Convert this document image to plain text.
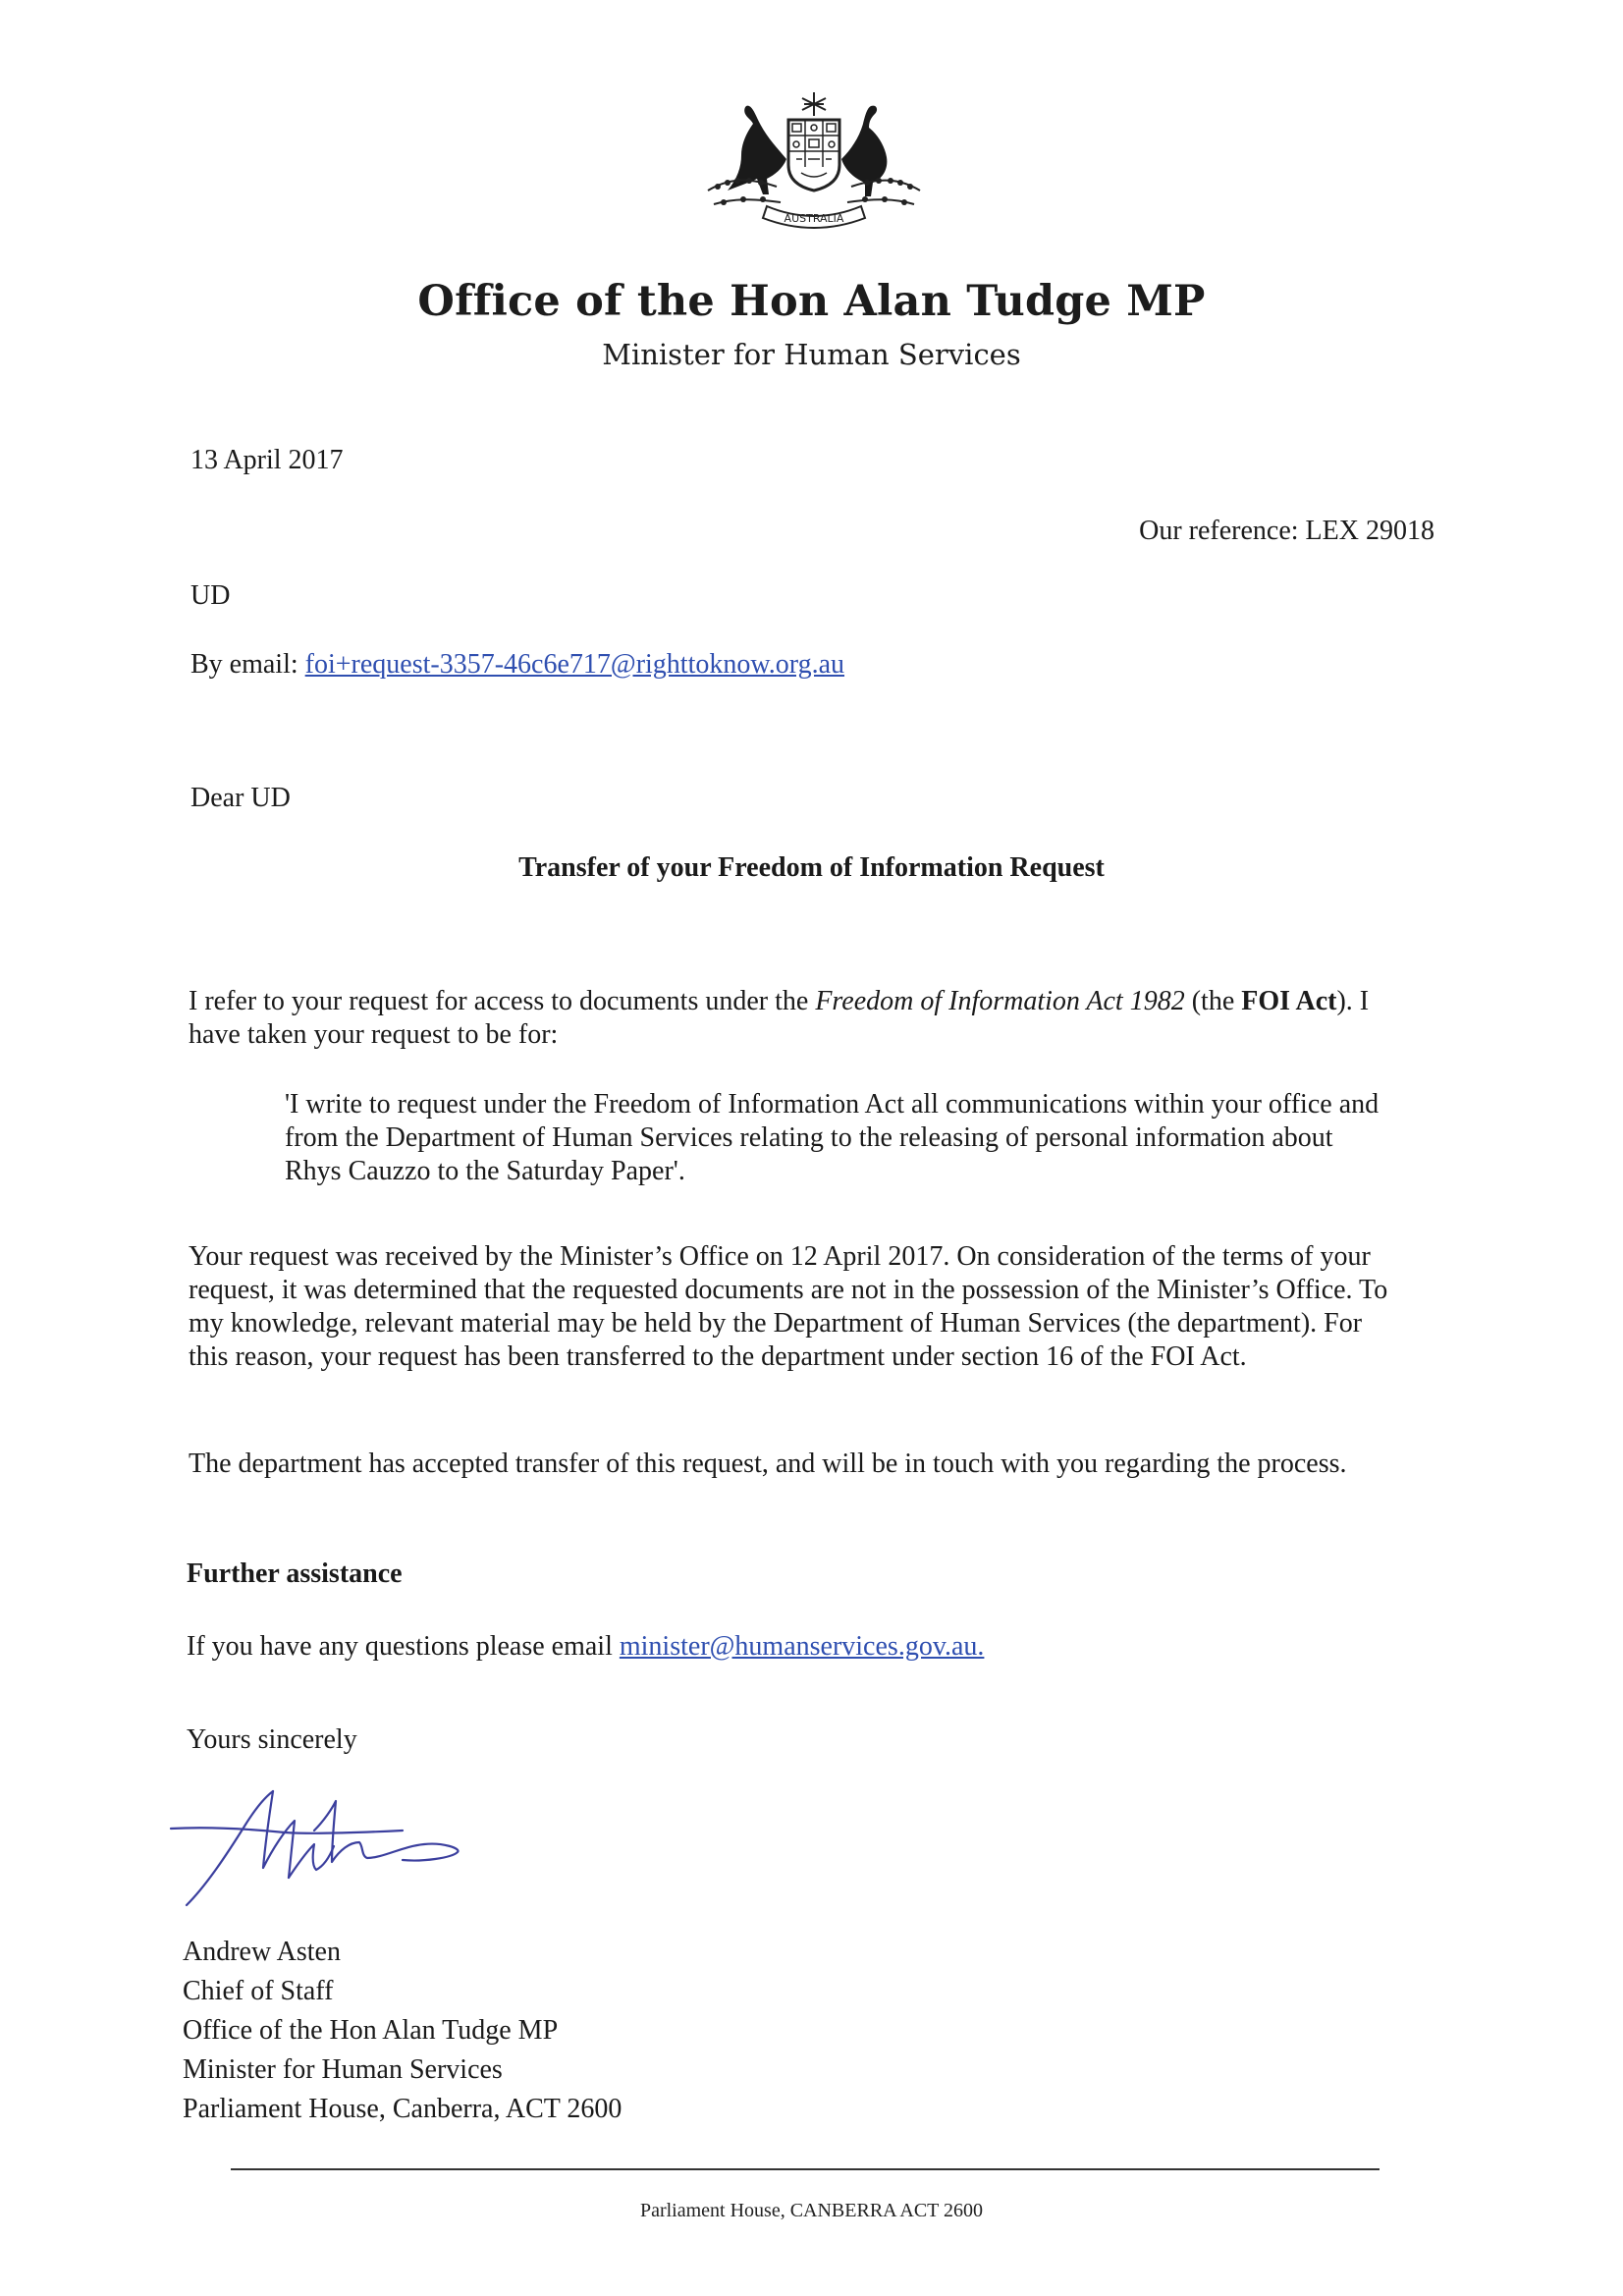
AUSTRALIA
Office of the Hon Alan Tudge MP
Minister for Human Services
13 April 2017
Our reference: LEX 29018
UD
By email: foi+request-3357-46c6e717@righttoknow.org.au
Dear UD
Transfer of your Freedom of Information Request
I refer to your request for access to documents under the Freedom of Information Act 1982 (the FOI Act). I have taken your request to be for:
'I write to request under the Freedom of Information Act all communications within your office and from the Department of Human Services relating to the releasing of personal information about Rhys Cauzzo to the Saturday Paper'.
Your request was received by the Minister’s Office on 12 April 2017. On consideration of the terms of your request, it was determined that the requested documents are not in the possession of the Minister’s Office. To my knowledge, relevant material may be held by the Department of Human Services (the department). For this reason, your request has been transferred to the department under section 16 of the FOI Act.
The department has accepted transfer of this request, and will be in touch with you regarding the process.
Further assistance
If you have any questions please email minister@humanservices.gov.au.
Yours sincerely
Andrew Asten
Chief of Staff
Office of the Hon Alan Tudge MP
Minister for Human Services
Parliament House, Canberra, ACT 2600
Parliament House, CANBERRA ACT 2600
